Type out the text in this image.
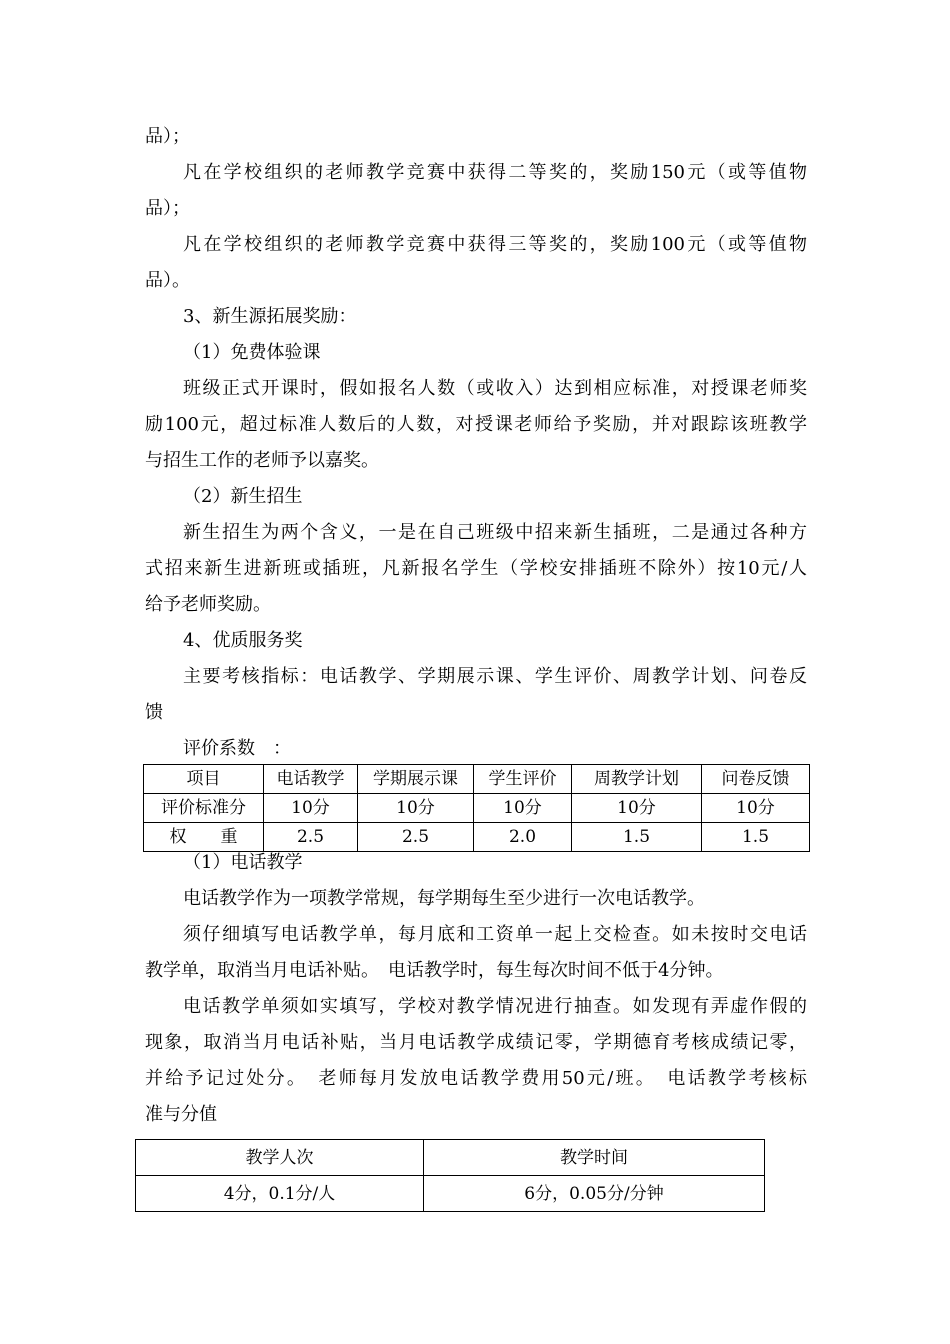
品）；
凡在学校组织的老师教学竞赛中获得二等奖的，奖励150元（或等值物
品）；
凡在学校组织的老师教学竞赛中获得三等奖的，奖励100元（或等值物
品）。
3、新生源拓展奖励：
（1）免费体验课
班级正式开课时，假如报名人数（或收入）达到相应标准，对授课老师奖
励100元，超过标准人数后的人数，对授课老师给予奖励，并对跟踪该班教学
与招生工作的老师予以嘉奖。
（2）新生招生
新生招生为两个含义，一是在自己班级中招来新生插班，二是通过各种方
式招来新生进新班或插班，凡新报名学生（学校安排插班不除外）按10元/人
给予老师奖励。
4、优质服务奖
主要考核指标：电话教学、学期展示课、学生评价、周教学计划、问卷反
馈
评价系数　：
项目	电话教学	学期展示课	学生评价	周教学计划	问卷反馈
评价标准分	10分	10分	10分	10分	10分
权　　重	2.5	2.5	2.0	1.5	1.5
（1）电话教学
电话教学作为一项教学常规，每学期每生至少进行一次电话教学。
须仔细填写电话教学单，每月底和工资单一起上交检查。如未按时交电话
教学单，取消当月电话补贴。　电话教学时，每生每次时间不低于4分钟。
电话教学单须如实填写，学校对教学情况进行抽查。如发现有弄虚作假的
现象，取消当月电话补贴，当月电话教学成绩记零，学期德育考核成绩记零，
并给予记过处分。　老师每月发放电话教学费用50元/班。　电话教学考核标
准与分值
教学人次	教学时间
4分，0.1分/人	6分，0.05分/分钟
